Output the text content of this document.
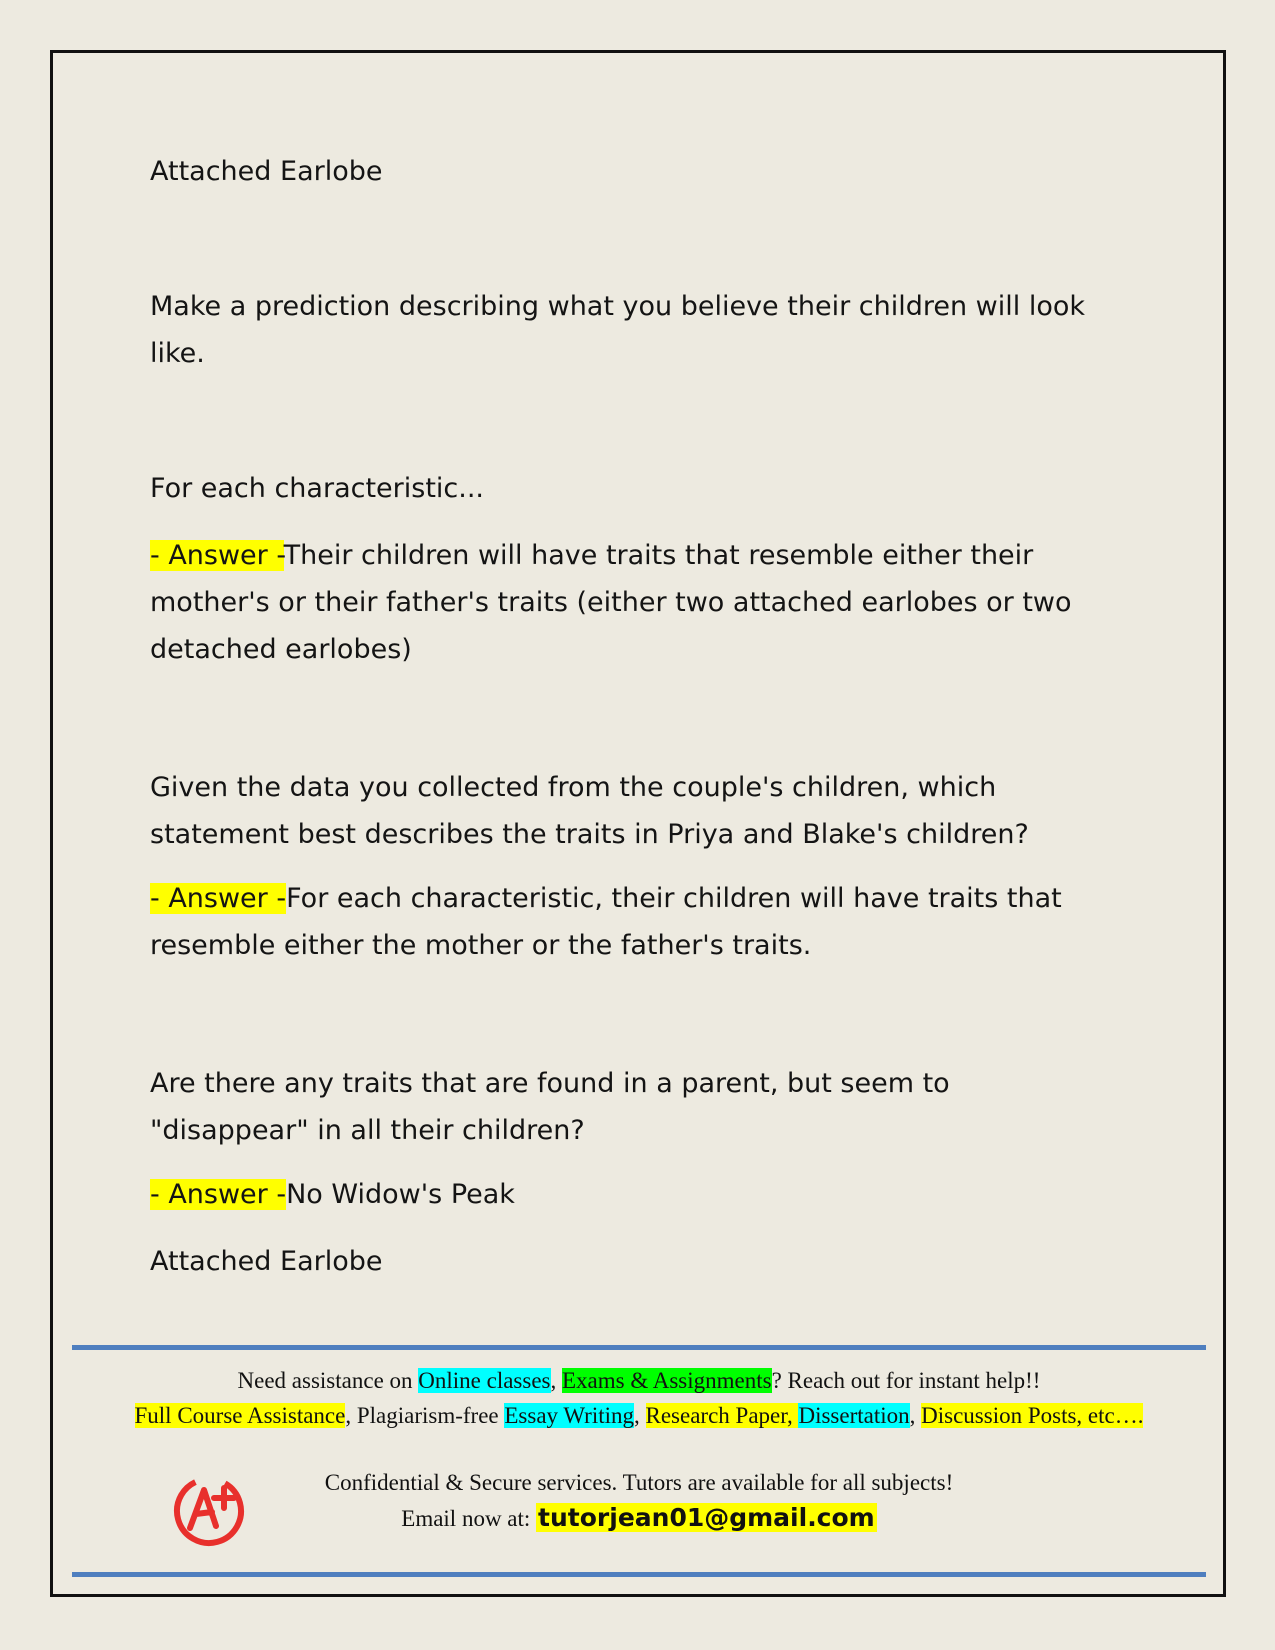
Attached Earlobe

Make a prediction describing what you believe their children will look like.

For each characteristic...

- Answer -Their children will have traits that resemble either their mother's or their father's traits (either two attached earlobes or two detached earlobes)

Given the data you collected from the couple's children, which statement best describes the traits in Priya and Blake's children?

- Answer -For each characteristic, their children will have traits that resemble either the mother or the father's traits.

Are there any traits that are found in a parent, but seem to "disappear" in all their children?

- Answer -No Widow's Peak

Attached Earlobe

Need assistance on Online classes, Exams & Assignments? Reach out for instant help!!
Full Course Assistance, Plagiarism-free Essay Writing, Research Paper, Dissertation, Discussion Posts, etc….
Confidential & Secure services. Tutors are available for all subjects!
Email now at: tutorjean01@gmail.com
